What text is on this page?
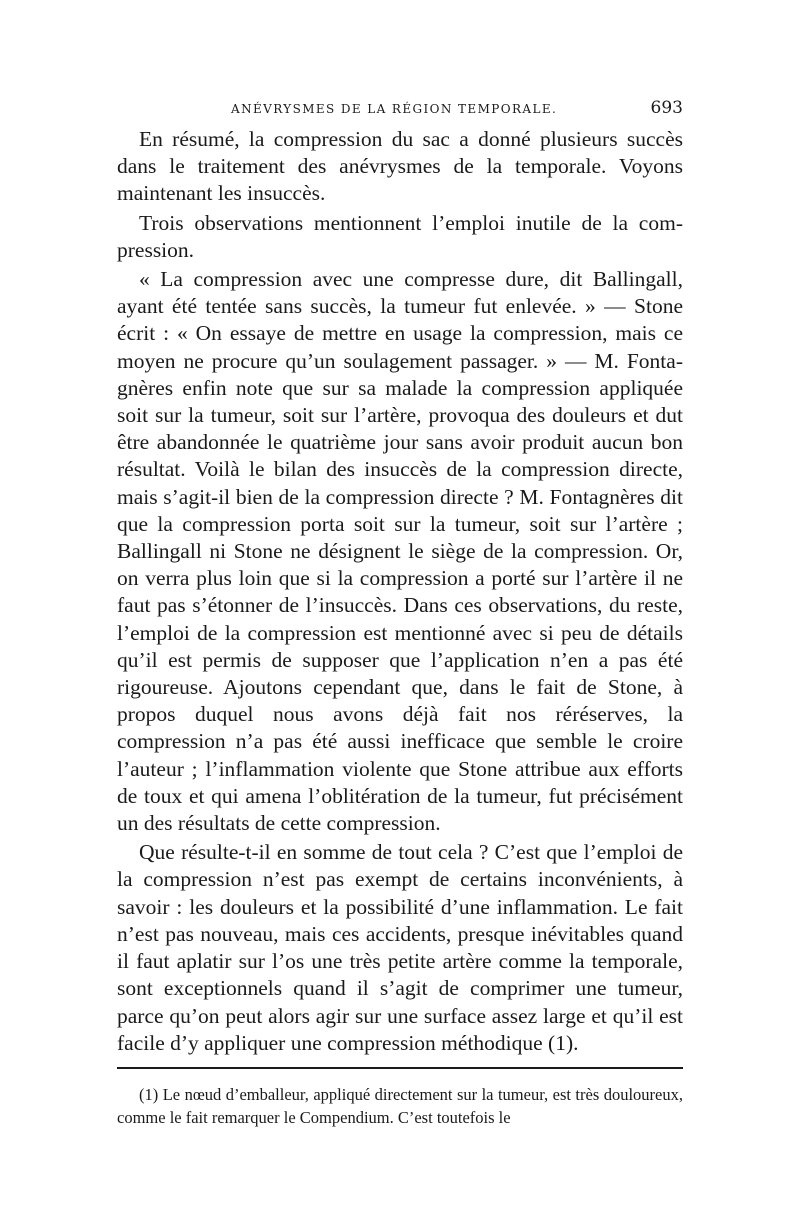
ANÉVRYSMES DE LA RÉGION TEMPORALE.	693

En résumé, la compression du sac a donné plusieurs succès dans le traitement des anévrysmes de la temporale. Voyons maintenant les insuccès.

Trois observations mentionnent l’emploi inutile de la compression.

« La compression avec une compresse dure, dit Ballingall, ayant été tentée sans succès, la tumeur fut enlevée. » — Stone écrit : « On essaye de mettre en usage la compression, mais ce moyen ne procure qu’un soulagement passager. » — M. Fontagnères enfin note que sur sa malade la compression appliquée soit sur la tumeur, soit sur l’artère, provoqua des douleurs et dut être abandonnée le quatrième jour sans avoir produit aucun bon résultat. Voilà le bilan des insuccès de la compression directe, mais s’agit-il bien de la compression directe ? M. Fontagnères dit que la compression porta soit sur la tumeur, soit sur l’artère ; Ballingall ni Stone ne désignent le siège de la compression. Or, on verra plus loin que si la compression a porté sur l’artère il ne faut pas s’étonner de l’insuccès. Dans ces observations, du reste, l’emploi de la compression est mentionné avec si peu de détails qu’il est permis de supposer que l’application n’en a pas été rigoureuse. Ajoutons cependant que, dans le fait de Stone, à propos duquel nous avons déjà fait nos réréserves, la compression n’a pas été aussi inefficace que semble le croire l’auteur ; l’inflammation violente que Stone attribue aux efforts de toux et qui amena l’oblitération de la tumeur, fut précisément un des résultats de cette compression.

Que résulte-t-il en somme de tout cela ? C’est que l’emploi de la compression n’est pas exempt de certains inconvénients, à savoir : les douleurs et la possibilité d’une inflammation. Le fait n’est pas nouveau, mais ces accidents, presque inévitables quand il faut aplatir sur l’os une très petite artère comme la temporale, sont exceptionnels quand il s’agit de comprimer une tumeur, parce qu’on peut alors agir sur une surface assez large et qu’il est facile d’y appliquer une compression méthodique (1).

(1) Le nœud d’emballeur, appliqué directement sur la tumeur, est très douloureux, comme le fait remarquer le Compendium. C’est toutefois le
